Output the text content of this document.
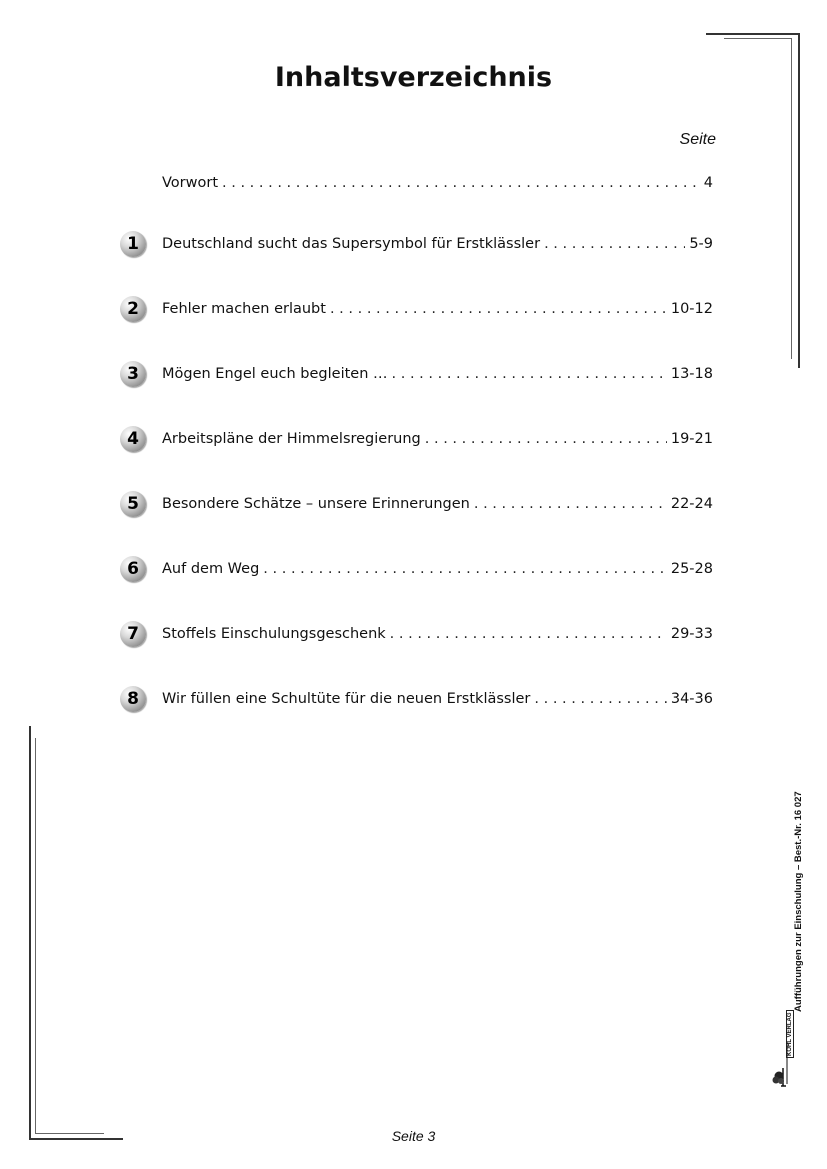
Inhaltsverzeichnis
Seite
Vorwort . . .	4
1	Deutschland sucht das Supersymbol für Erstklässler . . .	5-9
2	Fehler machen erlaubt . . .	10-12
3	Mögen Engel euch begleiten … . . .	13-18
4	Arbeitspläne der Himmelsregierung . . .	19-21
5	Besondere Schätze – unsere Erinnerungen . . .	22-24
6	Auf dem Weg . . .	25-28
7	Stoffels Einschulungsgeschenk . . .	29-33
8	Wir füllen eine Schultüte für die neuen Erstklässler . . .	34-36
Aufführungen zur Einschulung – Best.-Nr. 16 027
KOHL VERLAG
Seite 3
